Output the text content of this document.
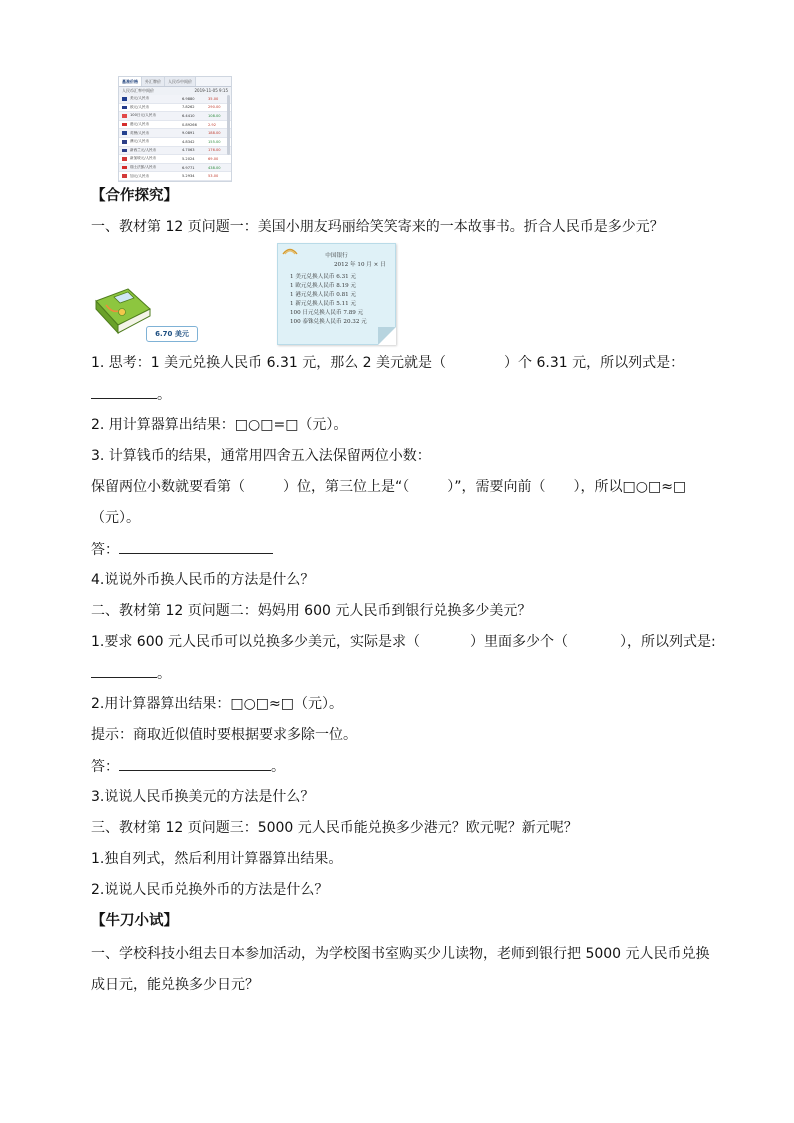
基准价格	外汇牌价	人民币中间价
人民币汇率中间价	2019-11-05 9:15
美元/人民币	6.9880	35.00
欧元/人民币	7.8262	290.00
100日元/人民币	6.4410	108.00
港元/人民币	0.89266	2.92
英镑/人民币	9.0891	188.00
澳元/人民币	4.8342	155.00
新西兰元/人民币	4.7063	176.00
新加坡元/人民币	5.2024	69.00
瑞士法郎/人民币	6.9771	438.00
加元/人民币	5.2934	53.00
【合作探究】
一、教材第 12 页问题一：美国小朋友玛丽给笑笑寄来的一本故事书。折合人民币是多少元？
6.70 美元
中国银行
2012 年 10 月 × 日
1 美元兑换人民币 6.31 元
1 欧元兑换人民币 8.19 元
1 港元兑换人民币 0.81 元
1 新元兑换人民币 5.11 元
100 日元兑换人民币 7.89 元
100 泰铢兑换人民币 20.32 元
1. 思考：1 美元兑换人民币 6.31 元，那么 2 美元就是（	）个 6.31 元，所以列式是：
。
2. 用计算器算出结果：□○□=□（元）。
3. 计算钱币的结果，通常用四舍五入法保留两位小数：
保留两位小数就要看第（	）位，第三位上是“（	）”，需要向前（ ），所以□○□≈□
（元）。
答：
4.说说外币换人民币的方法是什么？
二、教材第 12 页问题二：妈妈用 600 元人民币到银行兑换多少美元？
1.要求 600 元人民币可以兑换多少美元，实际是求（	）里面多少个（	），所以列式是:
。
2.用计算器算出结果：□○□≈□（元）。
提示：商取近似值时要根据要求多除一位。
答：	。
3.说说人民币换美元的方法是什么？
三、教材第 12 页问题三：5000 元人民币能兑换多少港元？欧元呢？新元呢？
1.独自列式，然后利用计算器算出结果。
2.说说人民币兑换外币的方法是什么？
【牛刀小试】
一、学校科技小组去日本参加活动，为学校图书室购买少儿读物，老师到银行把 5000 元人民币兑换
成日元，能兑换多少日元？
